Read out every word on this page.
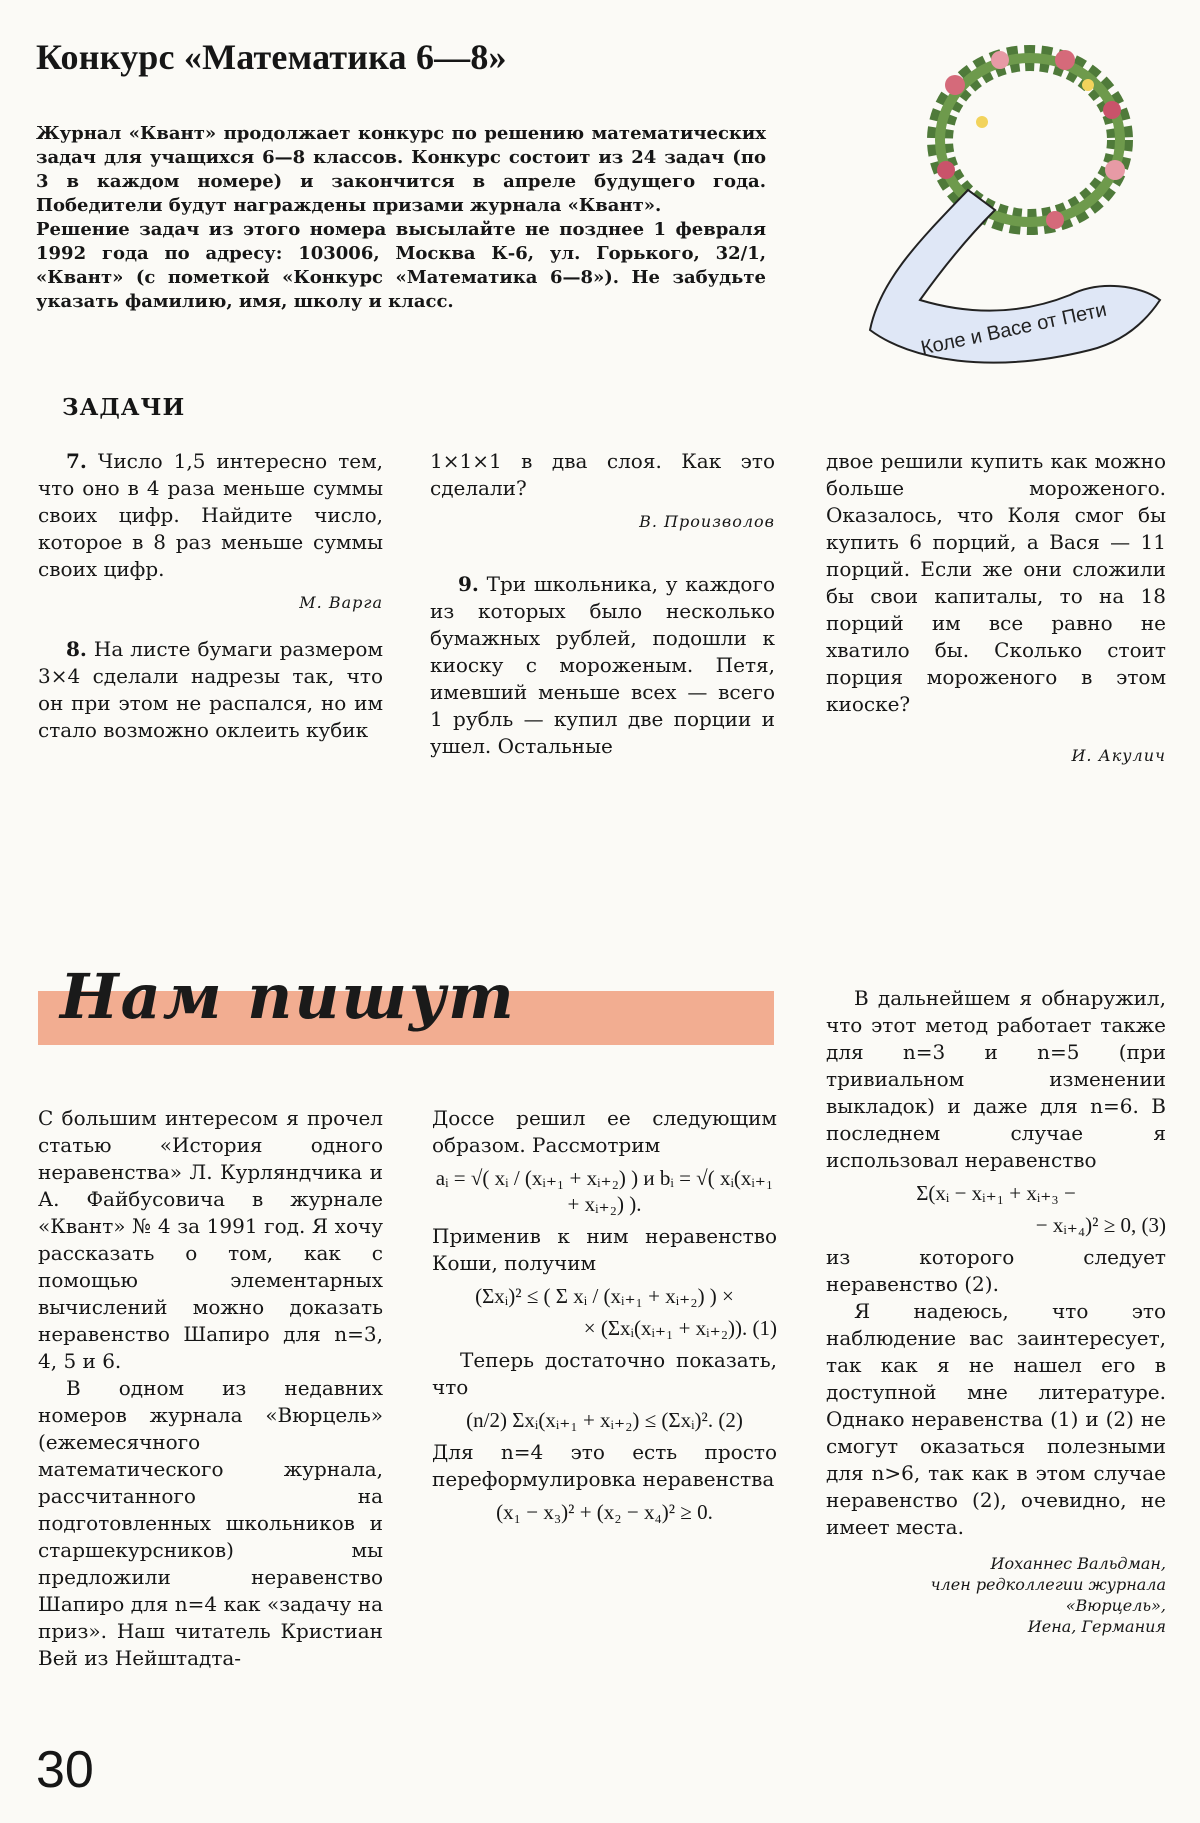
Конкурс «Математика 6—8»

Журнал «Квант» продолжает конкурс по решению математических задач для учащихся 6—8 классов. Конкурс состоит из 24 задач (по 3 в каждом номере) и закончится в апреле будущего года. Победители будут награждены призами журнала «Квант».

Решение задач из этого номера высылайте не позднее 1 февраля 1992 года по адресу: 103006, Москва К-6, ул. Горького, 32/1, «Квант» (с пометкой «Конкурс «Математика 6—8»). Не забудьте указать фамилию, имя, школу и класс.	Коле и Васе от Пети
ЗАДАЧИ

7. Число 1,5 интересно тем, что оно в 4 раза меньше суммы своих цифр. Найдите число, которое в 8 раз меньше суммы своих цифр.

М. Варга

8. На листе бумаги размером 3×4 сделали надрезы так, что он при этом не распался, но им стало возможно оклеить кубик

1×1×1 в два слоя. Как это сделали?

В. Произволов

9. Три школьника, у каждого из которых было несколько бумажных рублей, подошли к киоску с мороженым. Петя, имевший меньше всех — всего 1 рубль — купил две порции и ушел. Остальные

двое решили купить как можно больше мороженого. Оказалось, что Коля смог бы купить 6 порций, а Вася — 11 порций. Если же они сложили бы свои капиталы, то на 18 порций им все равно не хватило бы. Сколько стоит порция мороженого в этом киоске?

И. Акулич

Нам пишут

С большим интересом я прочел статью «История одного неравенства» Л. Курляндчика и А. Файбусовича в журнале «Квант» № 4 за 1991 год. Я хочу рассказать о том, как с помощью элементарных вычислений можно доказать неравенство Шапиро для n=3, 4, 5 и 6.

В одном из недавних номеров журнала «Вюрцель» (ежемесячного математического журнала, рассчитанного на подготовленных школьников и старшекурсников) мы предложили неравенство Шапиро для n=4 как «задачу на приз». Наш читатель Кристиан Вей из Нейштадта-

Досcе решил ее следующим образом. Рассмотрим

aᵢ = √( xᵢ / (xᵢ₊₁ + xᵢ₊₂) ) и bᵢ = √( xᵢ(xᵢ₊₁ + xᵢ₊₂) ).

Применив к ним неравенство Коши, получим

(Σxᵢ)² ≤ ( Σ xᵢ / (xᵢ₊₁ + xᵢ₊₂) ) ×
× (Σxᵢ(xᵢ₊₁ + xᵢ₊₂)). (1)

Теперь достаточно показать, что

(n/2) Σxᵢ(xᵢ₊₁ + xᵢ₊₂) ≤ (Σxᵢ)². (2)

Для n=4 это есть просто переформулировка неравенства

(x₁ − x₃)² + (x₂ − x₄)² ≥ 0.

В дальнейшем я обнаружил, что этот метод работает также для n=3 и n=5 (при тривиальном изменении выкладок) и даже для n=6. В последнем случае я использовал неравенство

Σ(xᵢ − xᵢ₊₁ + xᵢ₊₃ −
− xᵢ₊₄)² ≥ 0, (3)

из которого следует неравенство (2).

Я надеюсь, что это наблюдение вас заинтересует, так как я не нашел его в доступной мне литературе. Однако неравенства (1) и (2) не смогут оказаться полезными для n>6, так как в этом случае неравенство (2), очевидно, не имеет места.

Иоханнес Вальдман,
член редколлегии журнала
«Вюрцель»,
Иена, Германия
30
